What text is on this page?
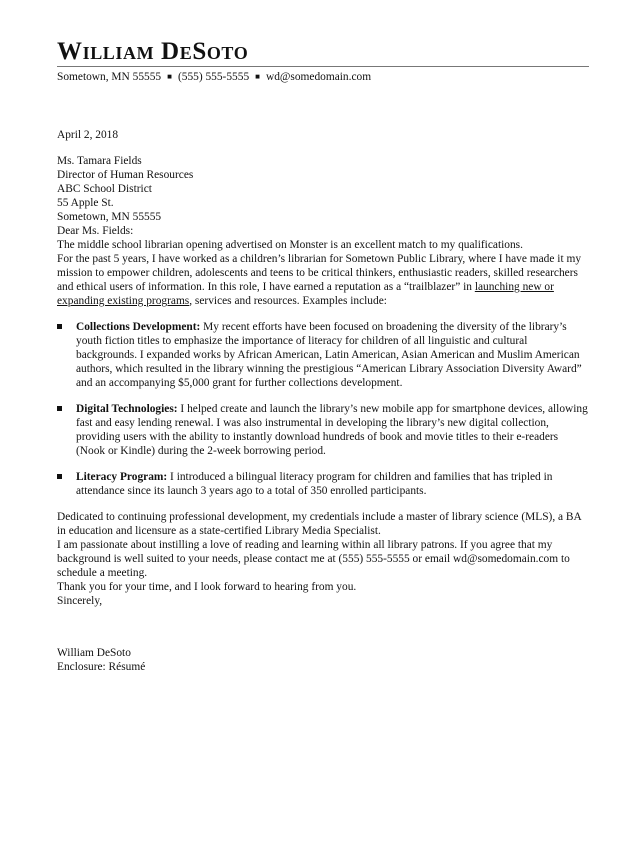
William DeSoto
Sometown, MN 55555 ■ (555) 555-5555 ■ wd@somedomain.com

April 2, 2018

Ms. Tamara Fields

Director of Human Resources

ABC School District

55 Apple St.

Sometown, MN 55555

Dear Ms. Fields:

The middle school librarian opening advertised on Monster is an excellent match to my qualifications.

For the past 5 years, I have worked as a children’s librarian for Sometown Public Library, where I have made it my mission to empower children, adolescents and teens to be critical thinkers, enthusiastic readers, skilled researchers and ethical users of information. In this role, I have earned a reputation as a “trailblazer” in launching new or expanding existing programs, services and resources. Examples include:

Collections Development: My recent efforts have been focused on broadening the diversity of the library’s youth fiction titles to emphasize the importance of literacy for children of all linguistic and cultural backgrounds. I expanded works by African American, Latin American, Asian American and Muslim American authors, which resulted in the library winning the prestigious “American Library Association Diversity Award” and an accompanying $5,000 grant for further collections development.
Digital Technologies: I helped create and launch the library’s new mobile app for smartphone devices, allowing fast and easy lending renewal. I was also instrumental in developing the library’s new digital collection, providing users with the ability to instantly download hundreds of book and movie titles to their e-readers (Nook or Kindle) during the 2-week borrowing period.
Literacy Program: I introduced a bilingual literacy program for children and families that has tripled in attendance since its launch 3 years ago to a total of 350 enrolled participants.

Dedicated to continuing professional development, my credentials include a master of library science (MLS), a BA in education and licensure as a state-certified Library Media Specialist.

I am passionate about instilling a love of reading and learning within all library patrons. If you agree that my background is well suited to your needs, please contact me at (555) 555-5555 or email wd@somedomain.com to schedule a meeting.

Thank you for your time, and I look forward to hearing from you.

Sincerely,

William DeSoto

Enclosure: Résumé
